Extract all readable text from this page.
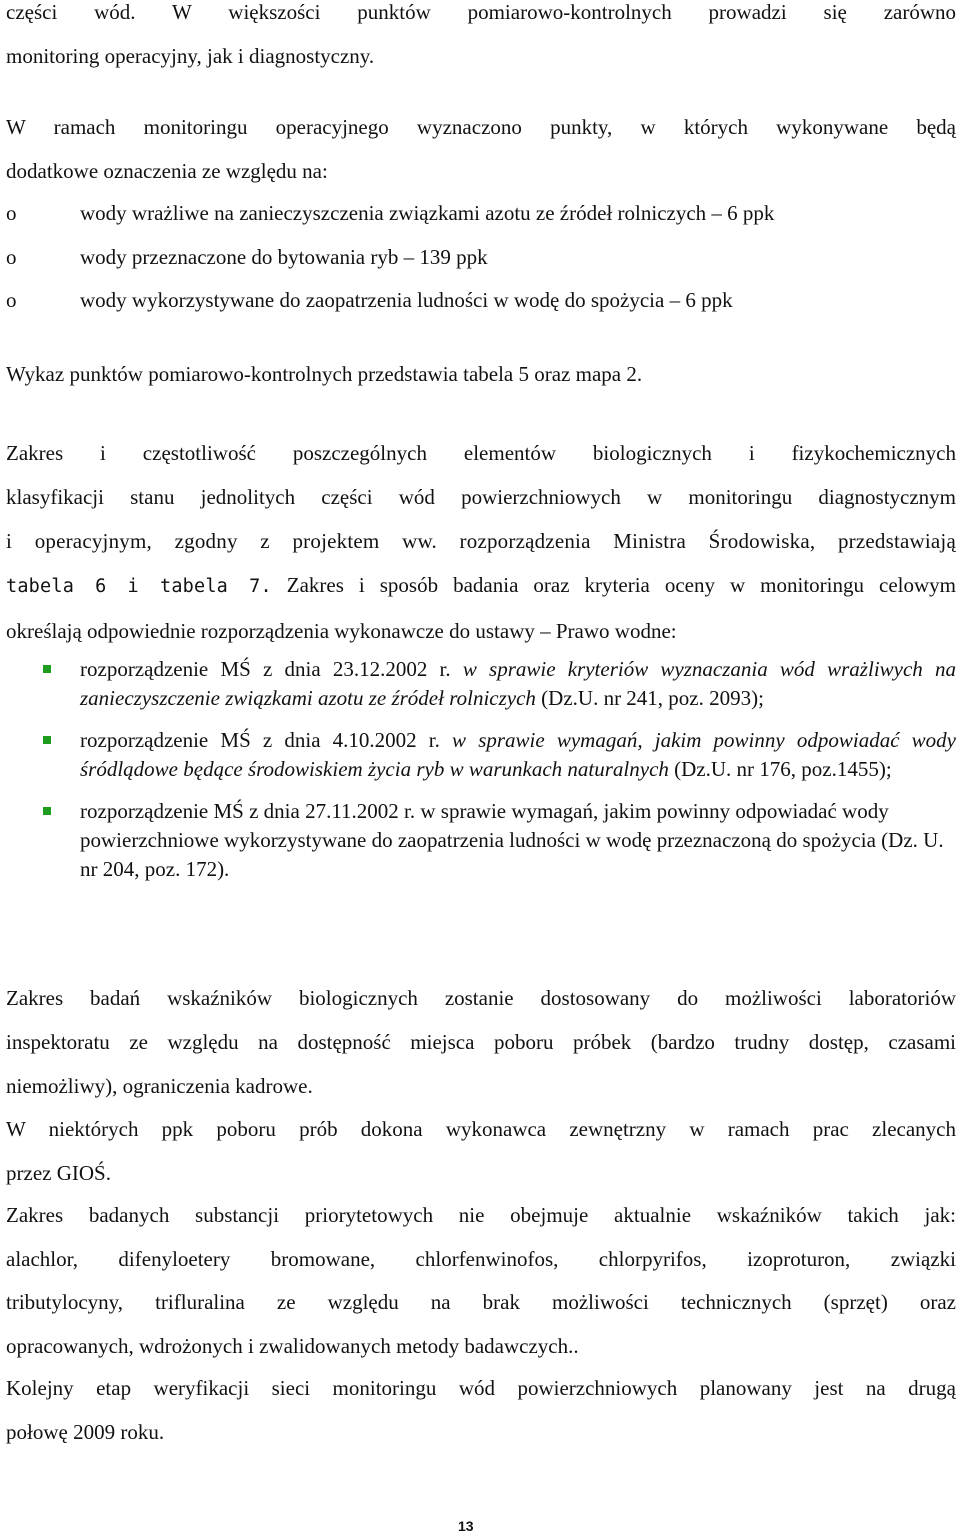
części wód. W większości punktów pomiarowo-kontrolnych prowadzi się zarówno
monitoring operacyjny, jak i diagnostyczny.

W ramach monitoringu operacyjnego wyznaczono punkty, w których wykonywane będą
dodatkowe oznaczenia ze względu na:

o	wody wrażliwe na zanieczyszczenia związkami azotu ze źródeł rolniczych – 6 ppk
o	wody przeznaczone do bytowania ryb – 139 ppk
o	wody wykorzystywane do zaopatrzenia ludności w wodę do spożycia – 6 ppk

Wykaz punktów pomiarowo-kontrolnych przedstawia tabela 5 oraz mapa 2.

Zakres i częstotliwość poszczególnych elementów biologicznych i fizykochemicznych
klasyfikacji stanu jednolitych części wód powierzchniowych w monitoringu diagnostycznym
i operacyjnym, zgodny z projektem ww. rozporządzenia Ministra Środowiska, przedstawiają
tabela 6 i tabela 7. Zakres i sposób badania oraz kryteria oceny w monitoringu celowym
określają odpowiednie rozporządzenia wykonawcze do ustawy – Prawo wodne:

rozporządzenie MŚ z dnia 23.12.2002 r. w sprawie kryteriów wyznaczania wód wrażliwych na zanieczyszczenie związkami azotu ze źródeł rolniczych (Dz.U. nr 241, poz. 2093);
rozporządzenie MŚ z dnia 4.10.2002 r. w sprawie wymagań, jakim powinny odpowiadać wody śródlądowe będące środowiskiem życia ryb w warunkach naturalnych (Dz.U. nr 176, poz.1455);
rozporządzenie MŚ z dnia 27.11.2002 r. w sprawie wymagań, jakim powinny odpowiadać wody powierzchniowe wykorzystywane do zaopatrzenia ludności w wodę przeznaczoną do spożycia (Dz. U. nr 204, poz. 172).

Zakres badań wskaźników biologicznych zostanie dostosowany do możliwości laboratoriów
inspektoratu ze względu na dostępność miejsca poboru próbek (bardzo trudny dostęp, czasami
niemożliwy), ograniczenia kadrowe.

W niektórych ppk poboru prób dokona wykonawca zewnętrzny w ramach prac zlecanych
przez GIOŚ.

Zakres badanych substancji priorytetowych nie obejmuje aktualnie wskaźników takich jak:
alachlor, difenyloetery bromowane, chlorfenwinofos, chlorpyrifos, izoproturon, związki
tributylocyny, trifluralina ze względu na brak możliwości technicznych (sprzęt) oraz
opracowanych, wdrożonych i zwalidowanych metody badawczych..

Kolejny etap weryfikacji sieci monitoringu wód powierzchniowych planowany jest na drugą
połowę 2009 roku.

13
